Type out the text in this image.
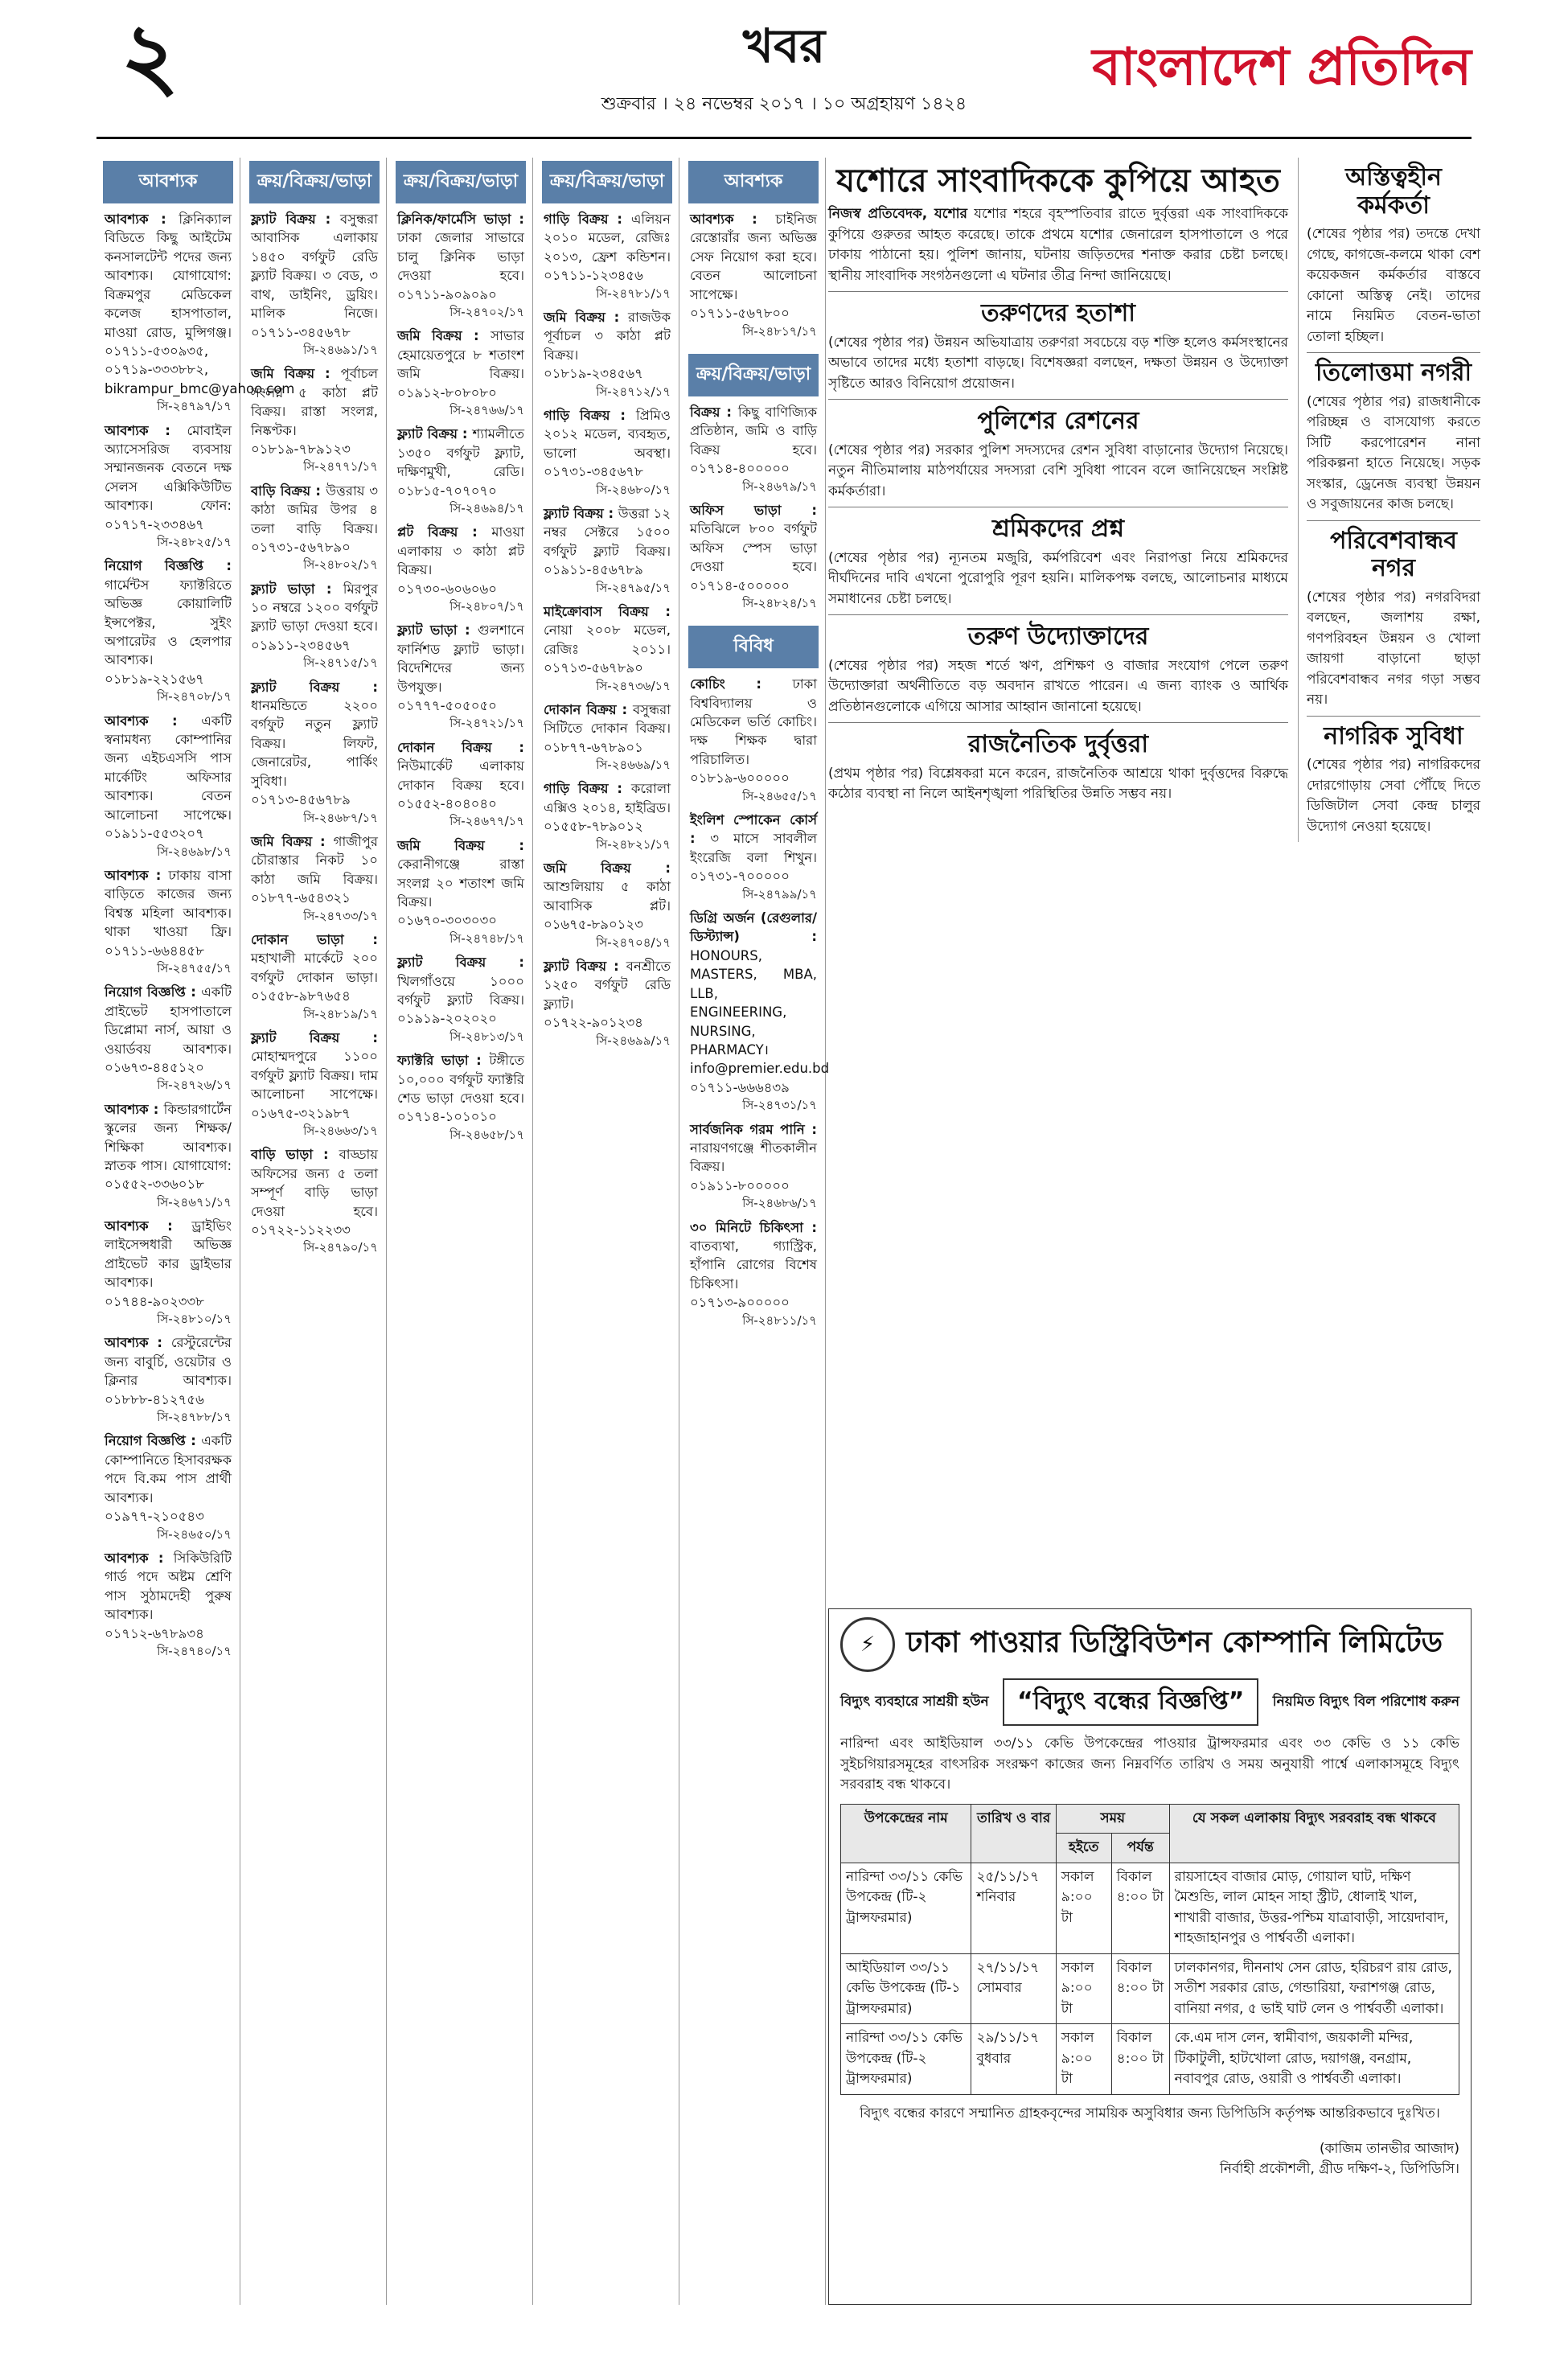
২	খবর
শুক্রবার । ২৪ নভেম্বর ২০১৭ । ১০ অগ্রহায়ণ ১৪২৪
বাংলাদেশ প্রতিদিন
আবশ্যক
আবশ্যক : ক্লিনিক্যাল বিডিতে কিছু আইটেম কনসালটেন্ট পদের জন্য আবশ্যক। যোগাযোগ: বিক্রমপুর মেডিকেল কলেজ হাসপাতাল, মাওয়া রোড, মুন্সিগঞ্জ। ০১৭১১-৫৩০৯৩৫, ০১৭১৯-৩৩৩৮৮২, bikrampur_bmc@yahoo.com
সি-২৪৭৯৭/১৭
আবশ্যক : মোবাইল অ্যাসেসরিজ ব্যবসায় সম্মানজনক বেতনে দক্ষ সেলস এক্সিকিউটিভ আবশ্যক। ফোন: ০১৭১৭-২৩৩৪৬৭
সি-২৪৮২৫/১৭
নিয়োগ বিজ্ঞপ্তি : গার্মেন্টস ফ্যাক্টরিতে অভিজ্ঞ কোয়ালিটি ইন্সপেক্টর, সুইং অপারেটর ও হেলপার আবশ্যক। ০১৮১৯-২২১৫৬৭
সি-২৪৭০৮/১৭
আবশ্যক : একটি স্বনামধন্য কোম্পানির জন্য এইচএসসি পাস মার্কেটিং অফিসার আবশ্যক। বেতন আলোচনা সাপেক্ষে। ০১৯১১-৫৫৩২০৭
সি-২৪৬৯৮/১৭
আবশ্যক : ঢাকায় বাসা বাড়িতে কাজের জন্য বিশ্বস্ত মহিলা আবশ্যক। থাকা খাওয়া ফ্রি। ০১৭১১-৬৬৪৪৫৮
সি-২৪৭৫৫/১৭
নিয়োগ বিজ্ঞপ্তি : একটি প্রাইভেট হাসপাতালে ডিপ্লোমা নার্স, আয়া ও ওয়ার্ডবয় আবশ্যক। ০১৬৭৩-৪৪৫১২০
সি-২৪৭২৬/১৭
আবশ্যক : কিন্ডারগার্টেন স্কুলের জন্য শিক্ষক/শিক্ষিকা আবশ্যক। স্নাতক পাস। যোগাযোগ: ০১৫৫২-৩৩৬০১৮
সি-২৪৬৭১/১৭
আবশ্যক : ড্রাইভিং লাইসেন্সধারী অভিজ্ঞ প্রাইভেট কার ড্রাইভার আবশ্যক। ০১৭৪৪-৯০২৩৩৮
সি-২৪৮১০/১৭
আবশ্যক : রেস্টুরেন্টের জন্য বাবুর্চি, ওয়েটার ও ক্লিনার আবশ্যক। ০১৮৮৮-৪১২৭৫৬
সি-২৪৭৮৮/১৭
নিয়োগ বিজ্ঞপ্তি : একটি কোম্পানিতে হিসাবরক্ষক পদে বি.কম পাস প্রার্থী আবশ্যক। ০১৯৭৭-২১০৫৪৩
সি-২৪৬৫০/১৭
আবশ্যক : সিকিউরিটি গার্ড পদে অষ্টম শ্রেণি পাস সুঠামদেহী পুরুষ আবশ্যক। ০১৭১২-৬৭৮৯৩৪
সি-২৪৭৪০/১৭
ক্রয়/বিক্রয়/ভাড়া
ফ্ল্যাট বিক্রয় : বসুন্ধরা আবাসিক এলাকায় ১৪৫০ বর্গফুট রেডি ফ্ল্যাট বিক্রয়। ৩ বেড, ৩ বাথ, ডাইনিং, ড্রয়িং। মালিক নিজে। ০১৭১১-৩৪৫৬৭৮
সি-২৪৬৯১/১৭
জমি বিক্রয় : পূর্বাচল সংলগ্ন ৫ কাঠা প্লট বিক্রয়। রাস্তা সংলগ্ন, নিষ্কণ্টক। ০১৮১৯-৭৮৯১২৩
সি-২৪৭৭১/১৭
বাড়ি বিক্রয় : উত্তরায় ৩ কাঠা জমির উপর ৪ তলা বাড়ি বিক্রয়। ০১৭৩১-৫৬৭৮৯০
সি-২৪৮০২/১৭
ফ্ল্যাট ভাড়া : মিরপুর ১০ নম্বরে ১২০০ বর্গফুট ফ্ল্যাট ভাড়া দেওয়া হবে। ০১৯১১-২৩৪৫৬৭
সি-২৪৭১৫/১৭
ফ্ল্যাট বিক্রয় : ধানমন্ডিতে ২২০০ বর্গফুট নতুন ফ্ল্যাট বিক্রয়। লিফট, জেনারেটর, পার্কিং সুবিধা। ০১৭১৩-৪৫৬৭৮৯
সি-২৪৬৮৭/১৭
জমি বিক্রয় : গাজীপুর চৌরাস্তার নিকট ১০ কাঠা জমি বিক্রয়। ০১৮৭৭-৬৫৪৩২১
সি-২৪৭৩৩/১৭
দোকান ভাড়া : মহাখালী মার্কেটে ২০০ বর্গফুট দোকান ভাড়া। ০১৫৫৮-৯৮৭৬৫৪
সি-২৪৮১৯/১৭
ফ্ল্যাট বিক্রয় : মোহাম্মদপুরে ১১০০ বর্গফুট ফ্ল্যাট বিক্রয়। দাম আলোচনা সাপেক্ষে। ০১৬৭৫-৩২১৯৮৭
সি-২৪৬৬৩/১৭
বাড়ি ভাড়া : বাড্ডায় অফিসের জন্য ৫ তলা সম্পূর্ণ বাড়ি ভাড়া দেওয়া হবে। ০১৭২২-১১২২৩৩
সি-২৪৭৯০/১৭
ক্রয়/বিক্রয়/ভাড়া
ক্লিনিক/ফার্মেসি ভাড়া : ঢাকা জেলার সাভারে চালু ক্লিনিক ভাড়া দেওয়া হবে। ০১৭১১-৯০৯০৯০
সি-২৪৭০২/১৭
জমি বিক্রয় : সাভার হেমায়েতপুরে ৮ শতাংশ জমি বিক্রয়। ০১৯১২-৮০৮০৮০
সি-২৪৭৬৬/১৭
ফ্ল্যাট বিক্রয় : শ্যামলীতে ১৩৫০ বর্গফুট ফ্ল্যাট, দক্ষিণমুখী, রেডি। ০১৮১৫-৭০৭০৭০
সি-২৪৬৯৪/১৭
প্লট বিক্রয় : মাওয়া এলাকায় ৩ কাঠা প্লট বিক্রয়। ০১৭৩০-৬০৬০৬০
সি-২৪৮০৭/১৭
ফ্ল্যাট ভাড়া : গুলশানে ফার্নিশড ফ্ল্যাট ভাড়া। বিদেশিদের জন্য উপযুক্ত। ০১৭৭৭-৫০৫০৫০
সি-২৪৭২১/১৭
দোকান বিক্রয় : নিউমার্কেট এলাকায় দোকান বিক্রয় হবে। ০১৫৫২-৪০৪০৪০
সি-২৪৬৭৭/১৭
জমি বিক্রয় : কেরানীগঞ্জে রাস্তা সংলগ্ন ২০ শতাংশ জমি বিক্রয়। ০১৬৭০-৩০৩০৩০
সি-২৪৭৪৮/১৭
ফ্ল্যাট বিক্রয় : খিলগাঁওয়ে ১০০০ বর্গফুট ফ্ল্যাট বিক্রয়। ০১৯১৯-২০২০২০
সি-২৪৮১৩/১৭
ফ্যাক্টরি ভাড়া : টঙ্গীতে ১০,০০০ বর্গফুট ফ্যাক্টরি শেড ভাড়া দেওয়া হবে। ০১৭১৪-১০১০১০
সি-২৪৬৫৮/১৭
ক্রয়/বিক্রয়/ভাড়া
গাড়ি বিক্রয় : এলিয়ন ২০১০ মডেল, রেজিঃ ২০১৩, ফ্রেশ কন্ডিশন। ০১৭১১-১২৩৪৫৬
সি-২৪৭৮১/১৭
জমি বিক্রয় : রাজউক পূর্বাচল ৩ কাঠা প্লট বিক্রয়। ০১৮১৯-২৩৪৫৬৭
সি-২৪৭১২/১৭
গাড়ি বিক্রয় : প্রিমিও ২০১২ মডেল, ব্যবহৃত, ভালো অবস্থা। ০১৭৩১-৩৪৫৬৭৮
সি-২৪৬৮০/১৭
ফ্ল্যাট বিক্রয় : উত্তরা ১২ নম্বর সেক্টরে ১৫০০ বর্গফুট ফ্ল্যাট বিক্রয়। ০১৯১১-৪৫৬৭৮৯
সি-২৪৭৯৫/১৭
মাইক্রোবাস বিক্রয় : নোয়া ২০০৮ মডেল, রেজিঃ ২০১১। ০১৭১৩-৫৬৭৮৯০
সি-২৪৭৩৬/১৭
দোকান বিক্রয় : বসুন্ধরা সিটিতে দোকান বিক্রয়। ০১৮৭৭-৬৭৮৯০১
সি-২৪৬৬৯/১৭
গাড়ি বিক্রয় : করোলা এক্সিও ২০১৪, হাইব্রিড। ০১৫৫৮-৭৮৯০১২
সি-২৪৮২১/১৭
জমি বিক্রয় : আশুলিয়ায় ৫ কাঠা আবাসিক প্লট। ০১৬৭৫-৮৯০১২৩
সি-২৪৭০৪/১৭
ফ্ল্যাট বিক্রয় : বনশ্রীতে ১২৫০ বর্গফুট রেডি ফ্ল্যাট। ০১৭২২-৯০১২৩৪
সি-২৪৬৯৯/১৭
আবশ্যক
আবশ্যক : চাইনিজ রেস্তোরাঁর জন্য অভিজ্ঞ সেফ নিয়োগ করা হবে। বেতন আলোচনা সাপেক্ষে। ০১৭১১-৫৬৭৮০০
সি-২৪৮১৭/১৭
ক্রয়/বিক্রয়/ভাড়া
বিক্রয় : কিছু বাণিজ্যিক প্রতিষ্ঠান, জমি ও বাড়ি বিক্রয় হবে। ০১৭১৪-৪০০০০০
সি-২৪৬৭৯/১৭
অফিস ভাড়া : মতিঝিলে ৮০০ বর্গফুট অফিস স্পেস ভাড়া দেওয়া হবে। ০১৭১৪-৫০০০০০
সি-২৪৮২৪/১৭
বিবিধ
কোচিং : ঢাকা বিশ্ববিদ্যালয় ও মেডিকেল ভর্তি কোচিং। দক্ষ শিক্ষক দ্বারা পরিচালিত। ০১৮১৯-৬০০০০০
সি-২৪৬৫৫/১৭
ইংলিশ স্পোকেন কোর্স : ৩ মাসে সাবলীল ইংরেজি বলা শিখুন। ০১৭৩১-৭০০০০০
সি-২৪৭৯৯/১৭
ডিগ্রি অর্জন (রেগুলার/ডিস্ট্যান্স) : HONOURS, MASTERS, MBA, LLB, ENGINEERING, NURSING, PHARMACY। info@premier.edu.bd ০১৭১১-৬৬৬৪৩৯
সি-২৪৭৩১/১৭
সার্বজনিক গরম পানি : নারায়ণগঞ্জে শীতকালীন বিক্রয়। ০১৯১১-৮০০০০০
সি-২৪৬৮৬/১৭
৩০ মিনিটে চিকিৎসা : বাতব্যথা, গ্যাস্ট্রিক, হাঁপানি রোগের বিশেষ চিকিৎসা। ০১৭১৩-৯০০০০০
সি-২৪৮১১/১৭
যশোরে সাংবাদিককে কুপিয়ে আহত

নিজস্ব প্রতিবেদক, যশোর যশোর শহরে বৃহস্পতিবার রাতে দুর্বৃত্তরা এক সাংবাদিককে কুপিয়ে গুরুতর আহত করেছে। তাকে প্রথমে যশোর জেনারেল হাসপাতালে ও পরে ঢাকায় পাঠানো হয়। পুলিশ জানায়, ঘটনায় জড়িতদের শনাক্ত করার চেষ্টা চলছে। স্থানীয় সাংবাদিক সংগঠনগুলো এ ঘটনার তীব্র নিন্দা জানিয়েছে।

তরুণদের হতাশা

(শেষের পৃষ্ঠার পর) উন্নয়ন অভিযাত্রায় তরুণরা সবচেয়ে বড় শক্তি হলেও কর্মসংস্থানের অভাবে তাদের মধ্যে হতাশা বাড়ছে। বিশেষজ্ঞরা বলছেন, দক্ষতা উন্নয়ন ও উদ্যোক্তা সৃষ্টিতে আরও বিনিয়োগ প্রয়োজন।

পুলিশের রেশনের

(শেষের পৃষ্ঠার পর) সরকার পুলিশ সদস্যদের রেশন সুবিধা বাড়ানোর উদ্যোগ নিয়েছে। নতুন নীতিমালায় মাঠপর্যায়ের সদস্যরা বেশি সুবিধা পাবেন বলে জানিয়েছেন সংশ্লিষ্ট কর্মকর্তারা।

শ্রমিকদের প্রশ্ন

(শেষের পৃষ্ঠার পর) ন্যূনতম মজুরি, কর্মপরিবেশ এবং নিরাপত্তা নিয়ে শ্রমিকদের দীর্ঘদিনের দাবি এখনো পুরোপুরি পূরণ হয়নি। মালিকপক্ষ বলছে, আলোচনার মাধ্যমে সমাধানের চেষ্টা চলছে।

তরুণ উদ্যোক্তাদের

(শেষের পৃষ্ঠার পর) সহজ শর্তে ঋণ, প্রশিক্ষণ ও বাজার সংযোগ পেলে তরুণ উদ্যোক্তারা অর্থনীতিতে বড় অবদান রাখতে পারেন। এ জন্য ব্যাংক ও আর্থিক প্রতিষ্ঠানগুলোকে এগিয়ে আসার আহ্বান জানানো হয়েছে।

রাজনৈতিক দুর্বৃত্তরা

(প্রথম পৃষ্ঠার পর) বিশ্লেষকরা মনে করেন, রাজনৈতিক আশ্রয়ে থাকা দুর্বৃত্তদের বিরুদ্ধে কঠোর ব্যবস্থা না নিলে আইনশৃঙ্খলা পরিস্থিতির উন্নতি সম্ভব নয়।

অস্তিত্বহীন কর্মকর্তা

(শেষের পৃষ্ঠার পর) তদন্তে দেখা গেছে, কাগজে-কলমে থাকা বেশ কয়েকজন কর্মকর্তার বাস্তবে কোনো অস্তিত্ব নেই। তাদের নামে নিয়মিত বেতন-ভাতা তোলা হচ্ছিল।

তিলোত্তমা নগরী

(শেষের পৃষ্ঠার পর) রাজধানীকে পরিচ্ছন্ন ও বাসযোগ্য করতে সিটি করপোরেশন নানা পরিকল্পনা হাতে নিয়েছে। সড়ক সংস্কার, ড্রেনেজ ব্যবস্থা উন্নয়ন ও সবুজায়নের কাজ চলছে।

পরিবেশবান্ধব নগর

(শেষের পৃষ্ঠার পর) নগরবিদরা বলছেন, জলাশয় রক্ষা, গণপরিবহন উন্নয়ন ও খোলা জায়গা বাড়ানো ছাড়া পরিবেশবান্ধব নগর গড়া সম্ভব নয়।

নাগরিক সুবিধা

(শেষের পৃষ্ঠার পর) নাগরিকদের দোরগোড়ায় সেবা পৌঁছে দিতে ডিজিটাল সেবা কেন্দ্র চালুর উদ্যোগ নেওয়া হয়েছে।

⚡	ঢাকা পাওয়ার ডিস্ট্রিবিউশন কোম্পানি লিমিটেড
বিদ্যুৎ ব্যবহারে সাশ্রয়ী হউন	“বিদ্যুৎ বন্ধের বিজ্ঞপ্তি”	নিয়মিত বিদ্যুৎ বিল পরিশোধ করুন

নারিন্দা এবং আইডিয়াল ৩৩/১১ কেভি উপকেন্দ্রের পাওয়ার ট্রান্সফরমার এবং ৩৩ কেভি ও ১১ কেভি সুইচগিয়ারসমূহের বাৎসরিক সংরক্ষণ কাজের জন্য নিম্নবর্ণিত তারিখ ও সময় অনুযায়ী পার্শ্বে এলাকাসমূহে বিদ্যুৎ সরবরাহ বন্ধ থাকবে।

উপকেন্দ্রের নাম	তারিখ ও বার	সময়		যে সকল এলাকায় বিদ্যুৎ সরবরাহ বন্ধ থাকবে
		হইতে	পর্যন্ত	
নারিন্দা ৩৩/১১ কেভি উপকেন্দ্র (টি-২ ট্রান্সফরমার)	২৫/১১/১৭ শনিবার	সকাল ৯:০০ টা	বিকাল ৪:০০ টা	রায়সাহেব বাজার মোড়, গোয়াল ঘাট, দক্ষিণ মৈশুন্ডি, লাল মোহন সাহা স্ট্রীট, ধোলাই খাল, শাখারী বাজার, উত্তর-পশ্চিম যাত্রাবাড়ী, সায়েদাবাদ, শাহজাহানপুর ও পার্শ্ববর্তী এলাকা।
আইডিয়াল ৩৩/১১ কেভি উপকেন্দ্র (টি-১ ট্রান্সফরমার)	২৭/১১/১৭ সোমবার	সকাল ৯:০০ টা	বিকাল ৪:০০ টা	ঢালকানগর, দীননাথ সেন রোড, হরিচরণ রায় রোড, সতীশ সরকার রোড, গেন্ডারিয়া, ফরাশগঞ্জ রোড, বানিয়া নগর, ৫ ভাই ঘাট লেন ও পার্শ্ববর্তী এলাকা।
নারিন্দা ৩৩/১১ কেভি উপকেন্দ্র (টি-২ ট্রান্সফরমার)	২৯/১১/১৭ বুধবার	সকাল ৯:০০ টা	বিকাল ৪:০০ টা	কে.এম দাস লেন, স্বামীবাগ, জয়কালী মন্দির, টিকাটুলী, হাটখোলা রোড, দয়াগঞ্জ, বনগ্রাম, নবাবপুর রোড, ওয়ারী ও পার্শ্ববর্তী এলাকা।

বিদ্যুৎ বন্ধের কারণে সম্মানিত গ্রাহকবৃন্দের সাময়িক অসুবিধার জন্য ডিপিডিসি কর্তৃপক্ষ আন্তরিকভাবে দুঃখিত।

(কাজিম তানভীর আজাদ)
নির্বাহী প্রকৌশলী, গ্রীড দক্ষিণ-২, ডিপিডিসি।
